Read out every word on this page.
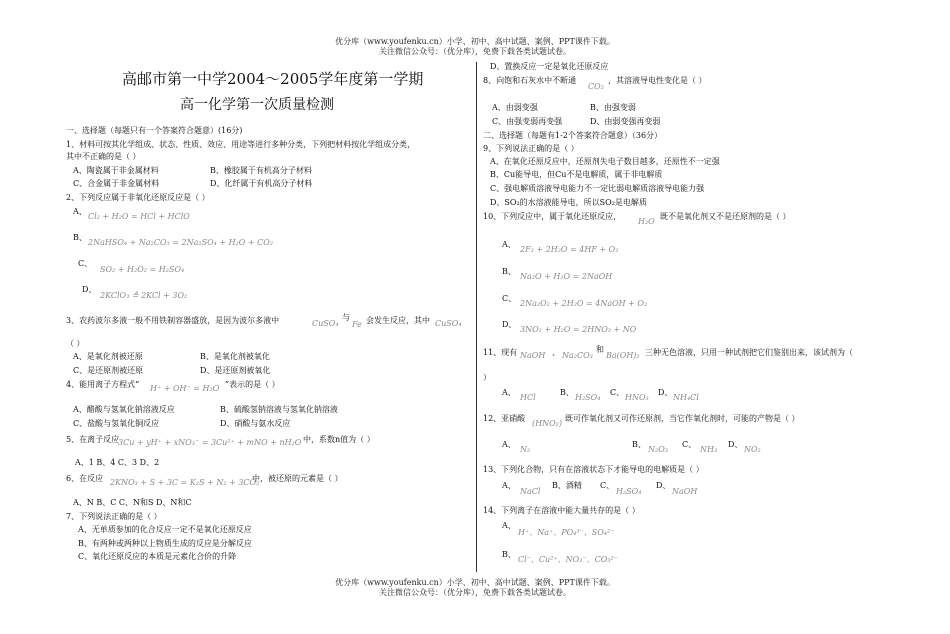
优分库（www.youfenku.cn）小学、初中、高中试题、案例、PPT课件下载。
关注微信公众号：（优分库），免费下载各类试题试卷。
高邮市第一中学2004～2005学年度第一学期
高一化学第一次质量检测
一、选择题（每题只有一个答案符合题意）(16分)
1、材料可按其化学组成、状态、性质、效应、用途等进行多种分类，下列把材料按化学组成分类，
其中不正确的是（ ）
A、陶瓷属于非金属材料	B、橡胶属于有机高分子材料
C、合金属于非金属材料	D、化纤属于有机高分子材料
2、下列反应属于非氧化还原反应是（ ）
A、
Cl₂ + H₂O = HCl + HClO
B、
2NaHSO₄ + Na₂CO₃ = 2Na₂SO₄ + H₂O + CO₂
C、
SO₂ + H₂O₂ = H₂SO₄
D、
2KClO₃ ≜ 2KCl + 3O₂
3、农药波尔多液一般不用铁制容器盛放，是因为波尔多液中	CuSO₄
与
Fe 会发生反应，其中 CuSO₄
（ ）
A、是氧化剂被还原	B、是氧化剂被氧化
C、是还原剂被还原	D、是还原剂被氧化
4、能用离子方程式“ H⁺ + OH⁻ = H₂O ”表示的是（ ）
A、醋酸与氢氧化钠溶液反应	B、硫酸氢钠溶液与氢氧化钠溶液
C、盐酸与氢氧化铜反应	D、硝酸与氨水反应
5、在离子反应
3Cu + yH⁺ + xNO₃⁻ = 3Cu²⁺ + mNO + nH₂O 中，系数n值为（ ）
A、1 B、4 C、3 D、2
6、在反应 2KNO₃ + S + 3C = K₂S + N₂ + 3CO₂
中，被还原的元素是（ ）
A、N B、C C、N和S D、N和C
7、下列说法正确的是（ ）
A、无单质参加的化合反应一定不是氧化还原反应
B、有两种或两种以上物质生成的反应是分解反应
C、氧化还原反应的本质是元素化合价的升降
D、置换反应一定是氧化还原反应
8、向饱和石灰水中不断通
CO₂
，其溶液导电性变化是（ ）
A、由弱变强	B、由强变弱
C、由强变弱再变强	D、由弱变强再变弱
二、选择题（每题有1-2个答案符合题意）（36分）
9、下列说法正确的是（ ）
A、在氧化还原反应中，还原剂失电子数目越多，还原性不一定强
B、Cu能导电，但Cu不是电解质，属于非电解质
C、强电解质溶液导电能力不一定比弱电解质溶液导电能力强
D、SO₂的水溶液能导电，所以SO₂是电解质
10、下列反应中，属于氧化还原反应，
H₂O
既不是氧化剂又不是还原剂的是（ ）
A、
2F₂ + 2H₂O = 4HF + O₂
B、
Na₂O + H₂O = 2NaOH
C、
2Na₂O₂ + 2H₂O = 4NaOH + O₂
D、
3NO₂ + H₂O = 2HNO₃ + NO
11、现有 NaOH 、 Na₂CO₃
和
Ba(OH)₂ 三种无色溶液，只用一种试剂把它们鉴别出来，该试剂为（
）
A、
HCl
B、
H₂SO₄
C、
HNO₃
D、
NH₄Cl
12、亚硝酸
(HNO₂)
既可作氧化剂又可作还原剂，当它作氧化剂时，可能的产物是（ ）
A、
N₂
B、
N₂O₃
C、
NH₃
D、
NO₂
13、下列化合物，只有在溶液状态下才能导电的电解质是（ ）
A、
NaCl
B、酒精 C、
H₂SO₄
D、
NaOH
14、下列离子在溶液中能大量共存的是（ ）
A、
H⁺、Na⁺、PO₄³⁻、SO₄²⁻
B、
Cl⁻、Cu²⁺、NO₃⁻、CO₃²⁻
优分库（www.youfenku.cn）小学、初中、高中试题、案例、PPT课件下载。
关注微信公众号：（优分库），免费下载各类试题试卷。
